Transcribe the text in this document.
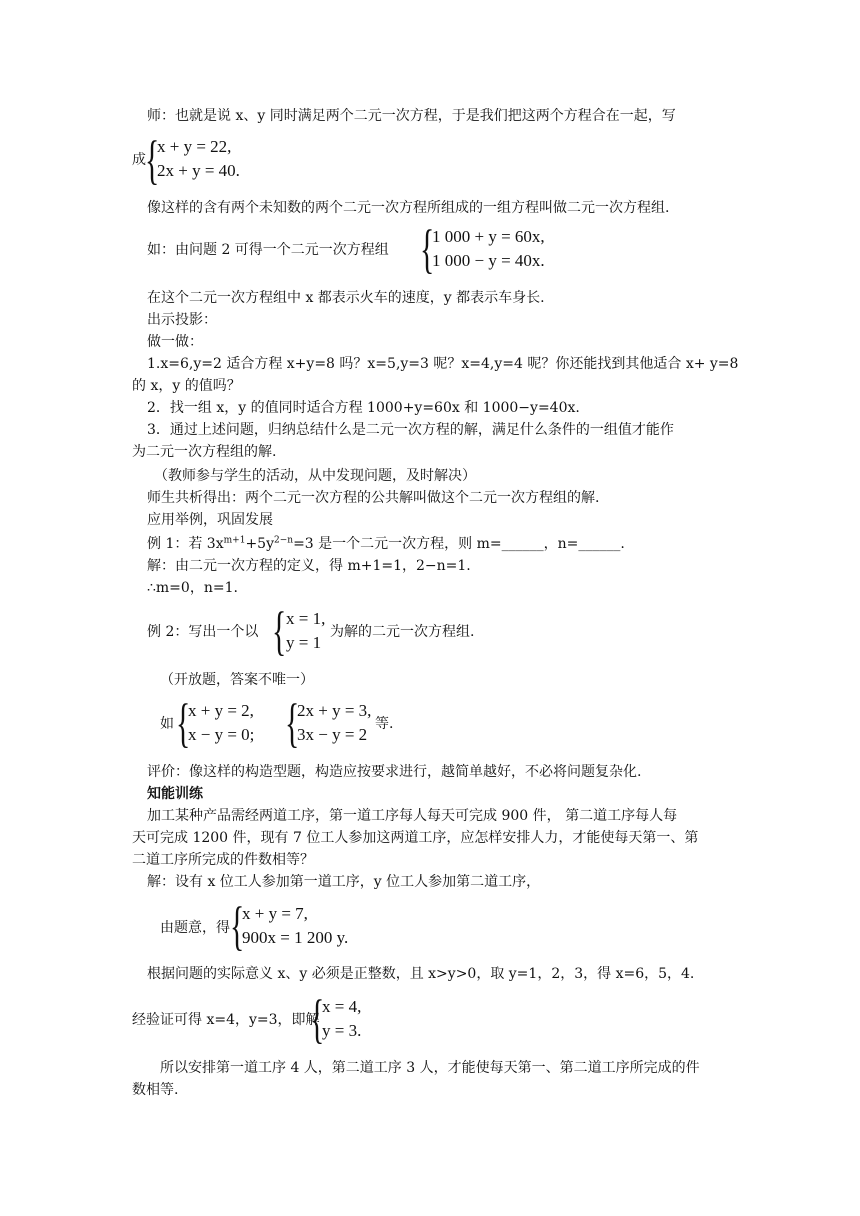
师：也就是说 x、y 同时满足两个二元一次方程，于是我们把这两个方程合在一起，写
成 {
x + y = 22,
2x + y = 40.
像这样的含有两个未知数的两个二元一次方程所组成的一组方程叫做二元一次方程组.
如：由问题 2 可得一个二元一次方程组 {
1 000 + y = 60x,
1 000 − y = 40x.
在这个二元一次方程组中 x 都表示火车的速度，y 都表示车身长.
出示投影：
做一做：
1.x=6,y=2 适合方程 x+y=8 吗？x=5,y=3 呢？x=4,y=4 呢？你还能找到其他适合 x+ y=8
的 x，y 的值吗？
2．找一组 x，y 的值同时适合方程 1000+y=60x 和 1000−y=40x.
3．通过上述问题，归纳总结什么是二元一次方程的解，满足什么条件的一组值才能作
为二元一次方程组的解.
（教师参与学生的活动，从中发现问题，及时解决）
师生共析得出：两个二元一次方程的公共解叫做这个二元一次方程组的解.
应用举例，巩固发展
例 1：若 $3x^{m+1}+5y^{2-n}=3$ 是一个二元一次方程，则 m=______，n=______.
解：由二元一次方程的定义，得 m+1=1，2−n=1.
∴m=0，n=1.
例 2：写出一个以 { x = 1,
y = 1
为解的二元一次方程组.
（开放题，答案不唯一）
如 {
x + y = 2,
x − y = 0; {
2x + y = 3,
3x − y = 2
等.
评价：像这样的构造型题，构造应按要求进行，越简单越好，不必将问题复杂化.
知能训练
加工某种产品需经两道工序，第一道工序每人每天可完成 900 件， 第二道工序每人每
天可完成 1200 件，现有 7 位工人参加这两道工序，应怎样安排人力，才能使每天第一、第
二道工序所完成的件数相等？
解：设有 x 位工人参加第一道工序，y 位工人参加第二道工序，
由题意，得 {
x + y = 7,
900x = 1 200 y.
根据问题的实际意义 x、y 必须是正整数，且 x>y>0，取 y=1，2，3，得 x=6，5，4.
经验证可得 x=4，y=3，即解
{
x = 4,
y = 3.
所以安排第一道工序 4 人，第二道工序 3 人，才能使每天第一、第二道工序所完成的件
数相等.
